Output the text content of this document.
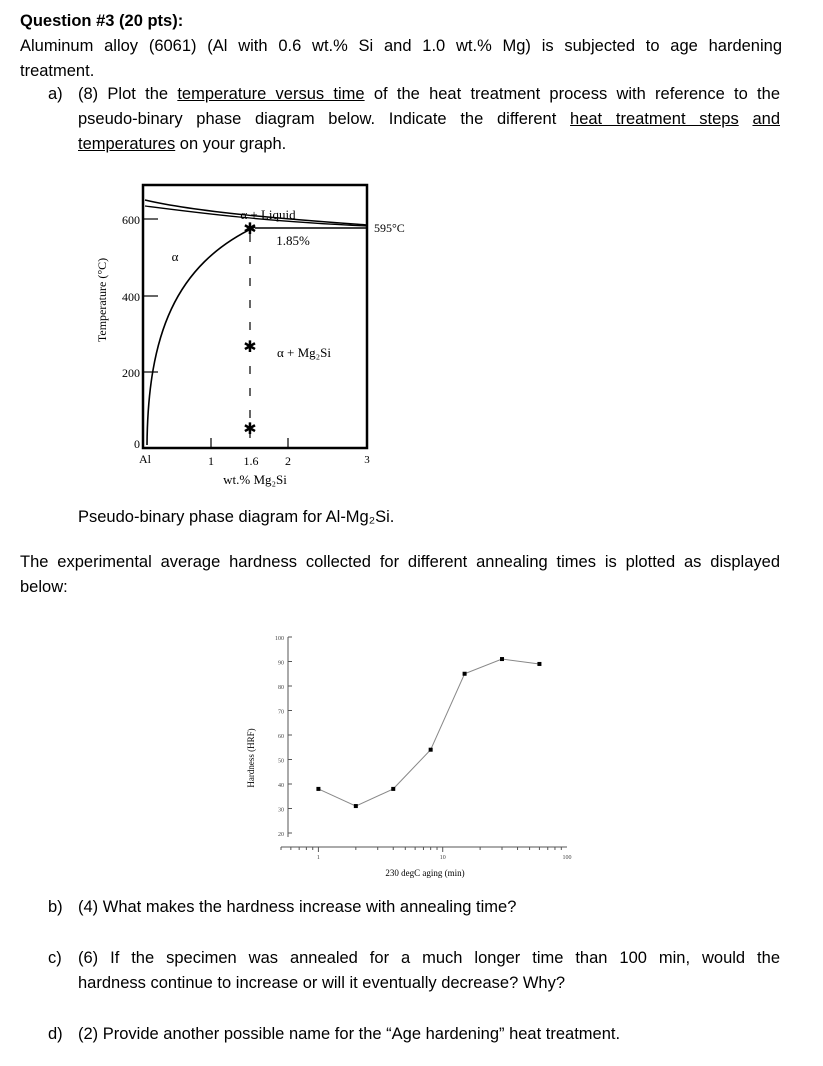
Question #3 (20 pts):
Aluminum alloy (6061) (Al with 0.6 wt.% Si and 1.0 wt.% Mg) is subjected to age hardening
treatment.
a) (8) Plot the temperature versus time of the heat treatment process with reference to the
pseudo-binary phase diagram below. Indicate the different heat treatment steps and
temperatures on your graph.
✱
✱
✱
600
400
200
0
Al	1 1.6 2	3
wt.% Mg₂Si
Temperature (°C)
α
α + Liquid
1.85%
α + Mg₂Si
595°C
Pseudo-binary phase diagram for Al-Mg₂Si.
The experimental average hardness collected for different annealing times is plotted as displayed
below:
20
30
40
50
60
70
80
90
100
1	10	100
230 degC aging (min)
Hardness (HRF)
b) (4) What makes the hardness increase with annealing time?
c) (6) If the specimen was annealed for a much longer time than 100 min, would the
hardness continue to increase or will it eventually decrease? Why?
d) (2) Provide another possible name for the “Age hardening” heat treatment.
